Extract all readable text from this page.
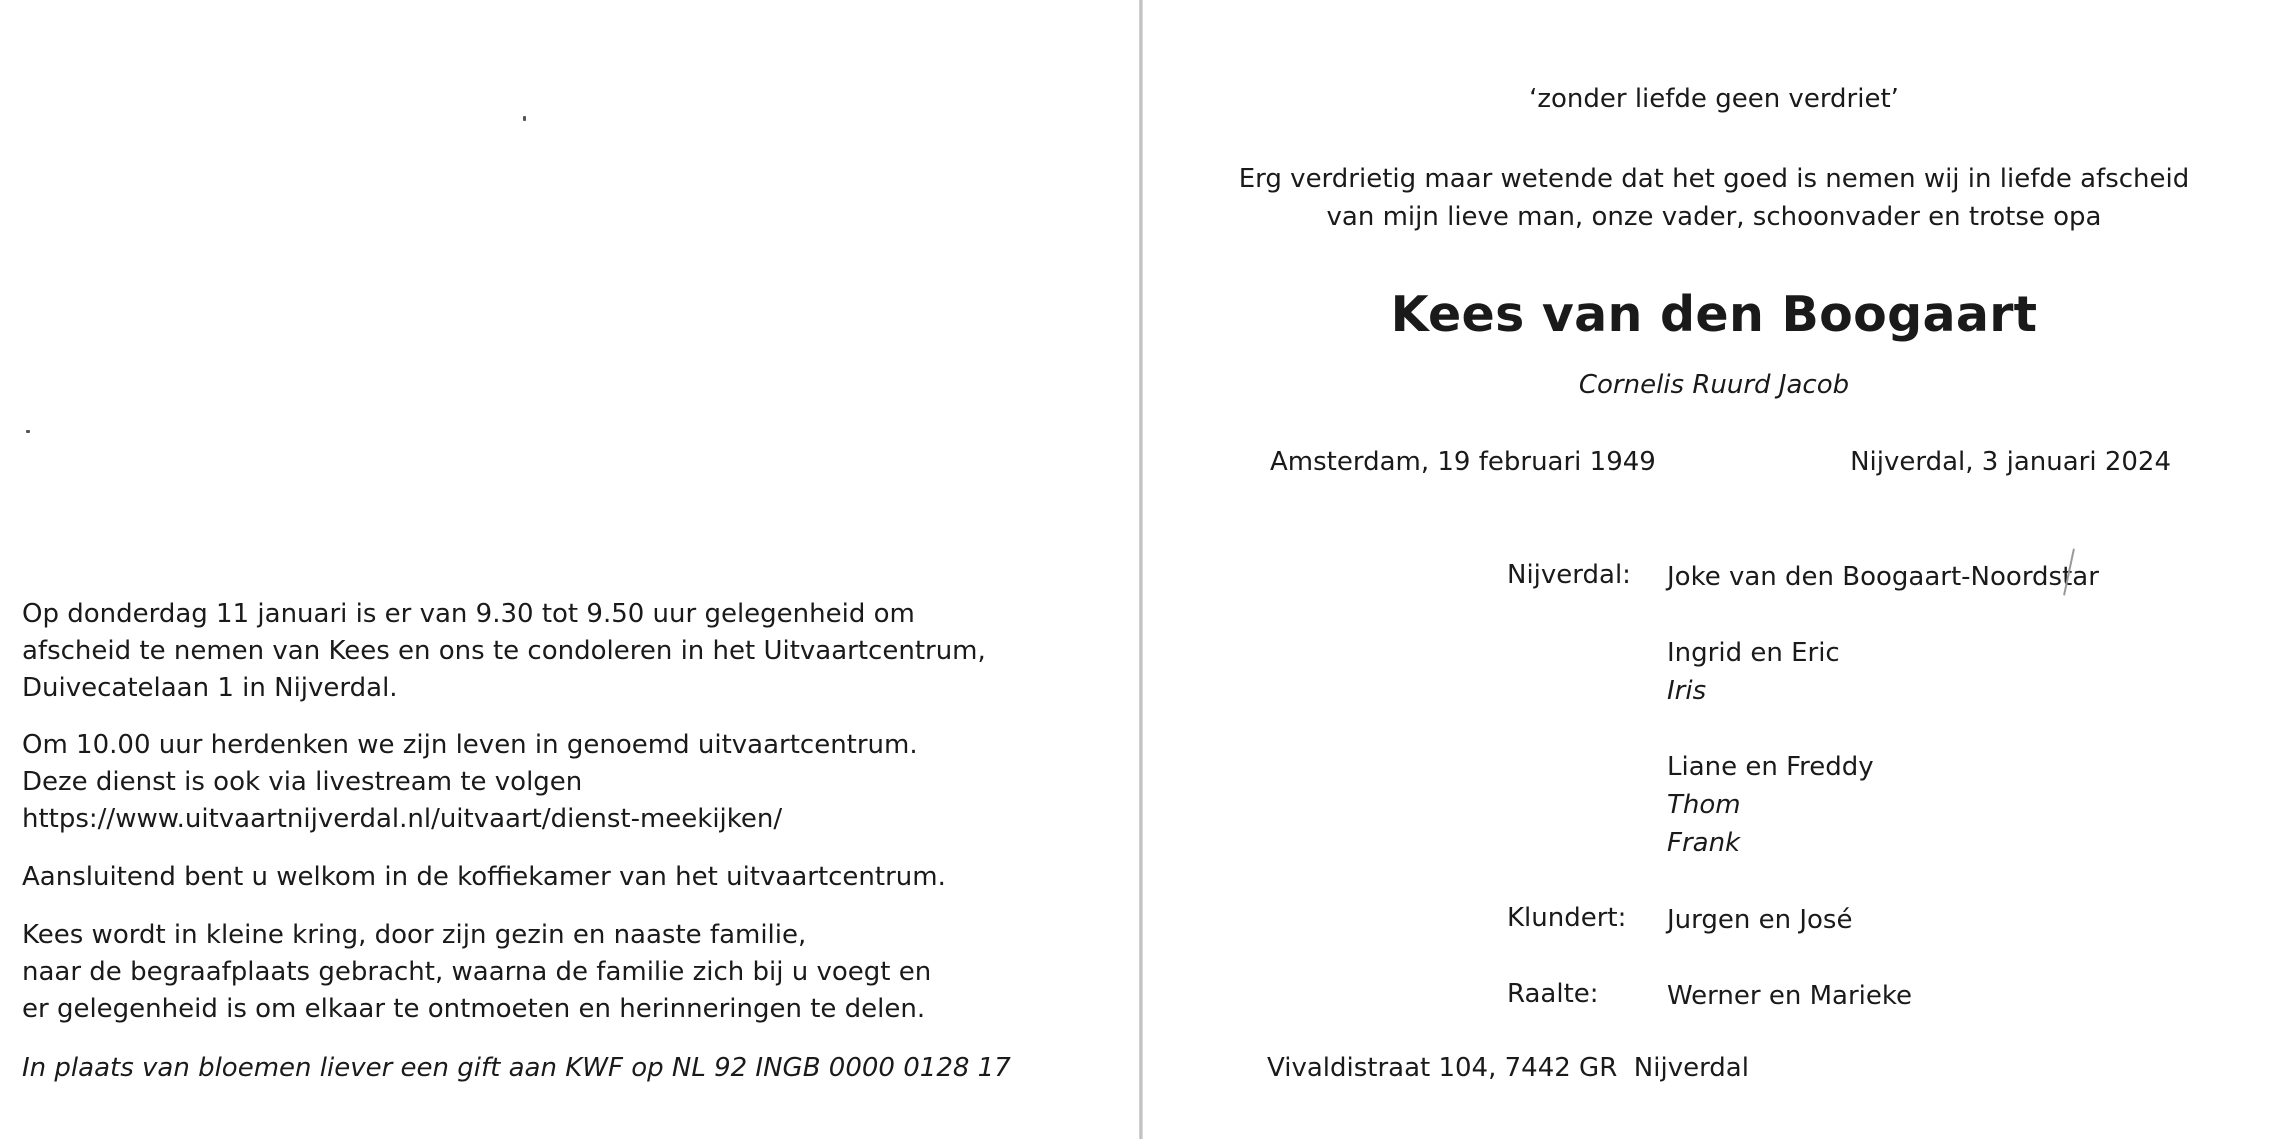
Op donderdag 11 januari is er van 9.30 tot 9.50 uur gelegenheid om
afscheid te nemen van Kees en ons te condoleren in het Uitvaartcentrum,
Duivecatelaan 1 in Nijverdal.
Om 10.00 uur herdenken we zijn leven in genoemd uitvaartcentrum.
Deze dienst is ook via livestream te volgen
https://www.uitvaartnijverdal.nl/uitvaart/dienst-meekijken/
Aansluitend bent u welkom in de koffiekamer van het uitvaartcentrum.
Kees wordt in kleine kring, door zijn gezin en naaste familie,
naar de begraafplaats gebracht, waarna de familie zich bij u voegt en
er gelegenheid is om elkaar te ontmoeten en herinneringen te delen.
In plaats van bloemen liever een gift aan KWF op NL 92 INGB 0000 0128 17
‘zonder liefde geen verdriet’
Erg verdrietig maar wetende dat het goed is nemen wij in liefde afscheid
van mijn lieve man, onze vader, schoonvader en trotse opa
Kees van den Boogaart
Cornelis Ruurd Jacob
Amsterdam, 19 februari 1949	Nijverdal, 3 januari 2024
Nijverdal: Joke van den Boogaart-Noordstar
Ingrid en Eric
Iris
Liane en Freddy
Thom
Frank
Klundert: Jurgen en José
Raalte:	Werner en Marieke
Vivaldistraat 104, 7442 GR  Nijverdal
